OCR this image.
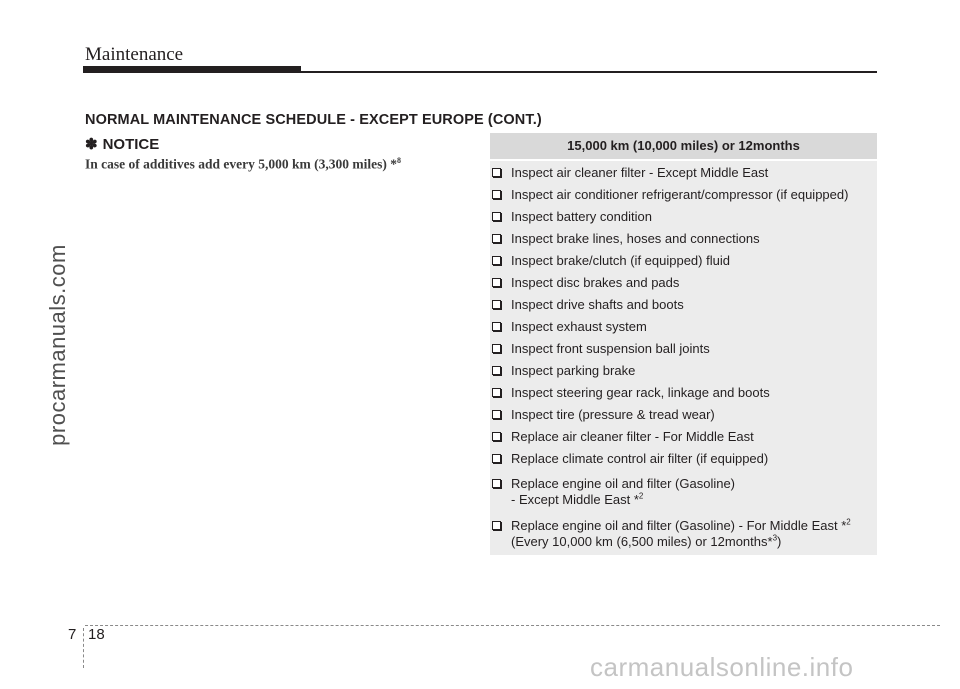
Maintenance
procarmanuals.com
NORMAL MAINTENANCE SCHEDULE - EXCEPT EUROPE (CONT.)
✽ NOTICE
In case of additives add every 5,000 km (3,300 miles) *$^8$
15,000 km (10,000 miles) or 12months
Inspect air cleaner filter - Except Middle East
Inspect air conditioner refrigerant/compressor (if equipped)
Inspect battery condition
Inspect brake lines, hoses and connections
Inspect brake/clutch (if equipped) fluid
Inspect disc brakes and pads
Inspect drive shafts and boots
Inspect exhaust system
Inspect front suspension ball joints
Inspect parking brake
Inspect steering gear rack, linkage and boots
Inspect tire (pressure & tread wear)
Replace air cleaner filter - For Middle East
Replace climate control air filter (if equipped)
Replace engine oil and filter (Gasoline)
- Except Middle East *$^2$
Replace engine oil and filter (Gasoline) - For Middle East *$^2$
(Every 10,000 km (6,500 miles) or 12months*$^3$)
7 18
carmanualsonline.info
